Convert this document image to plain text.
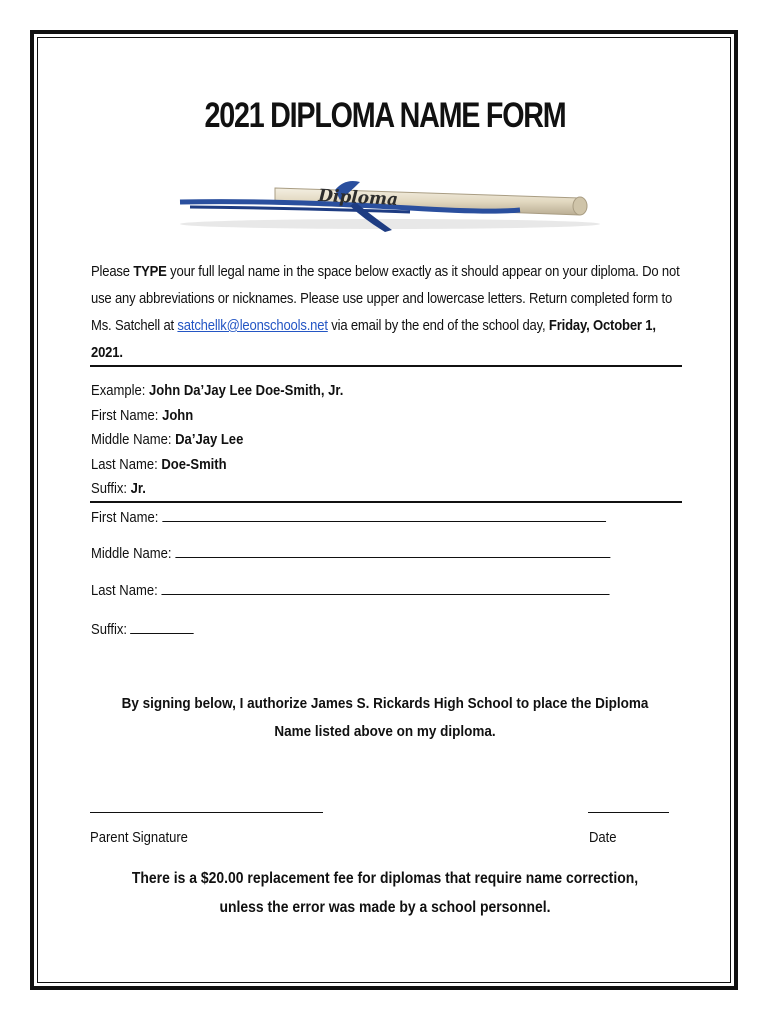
2021 DIPLOMA NAME FORM
Diploma
Please TYPE your full legal name in the space below exactly as it should appear on your diploma. Do not use any abbreviations or nicknames. Please use upper and lowercase letters. Return completed form to Ms. Satchell at satchellk@leonschools.net via email by the end of the school day, Friday, October 1, 2021.
Example: John Da’Jay Lee Doe-Smith, Jr.
First Name: John
Middle Name: Da’Jay Lee
Last Name: Doe-Smith
Suffix: Jr.
First Name:
Middle Name:
Last Name:
Suffix:
By signing below, I authorize James S. Rickards High School to place the Diploma Name listed above on my diploma.
Parent Signature	Date
There is a $20.00 replacement fee for diplomas that require name correction, unless the error was made by a school personnel.
